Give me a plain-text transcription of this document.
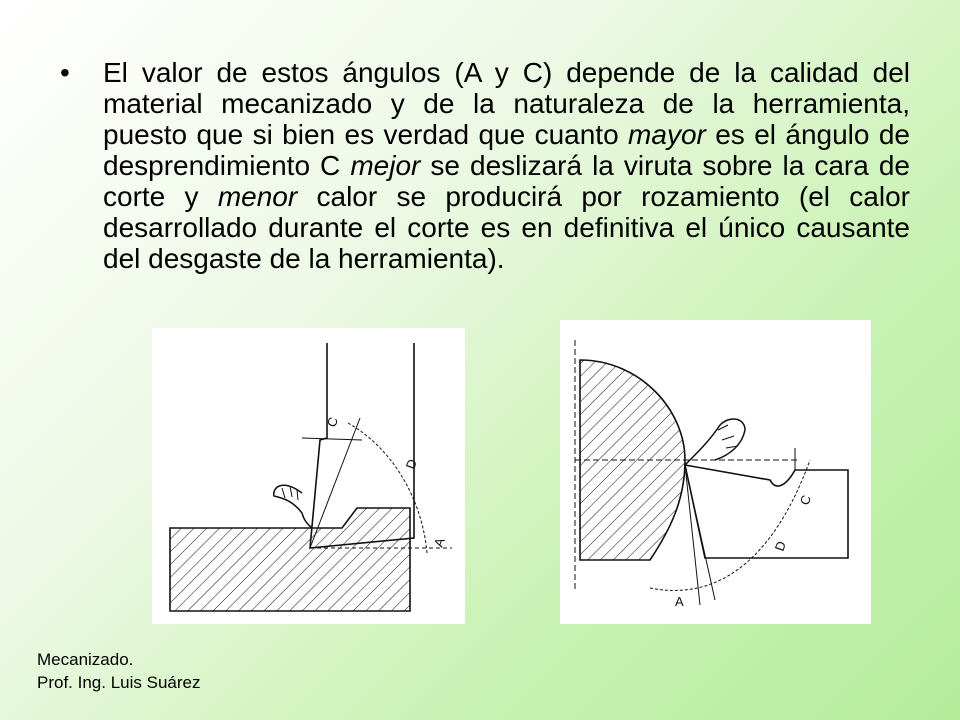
•	El valor de estos ángulos (A y C) depende de la calidad del material mecanizado y de la naturaleza de la herramienta, puesto que si bien es verdad que cuanto mayor es el ángulo de desprendimiento C mejor se deslizará la viruta sobre la cara de corte y menor calor se producirá por rozamiento (el calor desarrollado durante el corte es en definitiva el único causante del desgaste de la herramienta).
C
D
A
C
D
A
Mecanizado.
Prof. Ing. Luis Suárez
